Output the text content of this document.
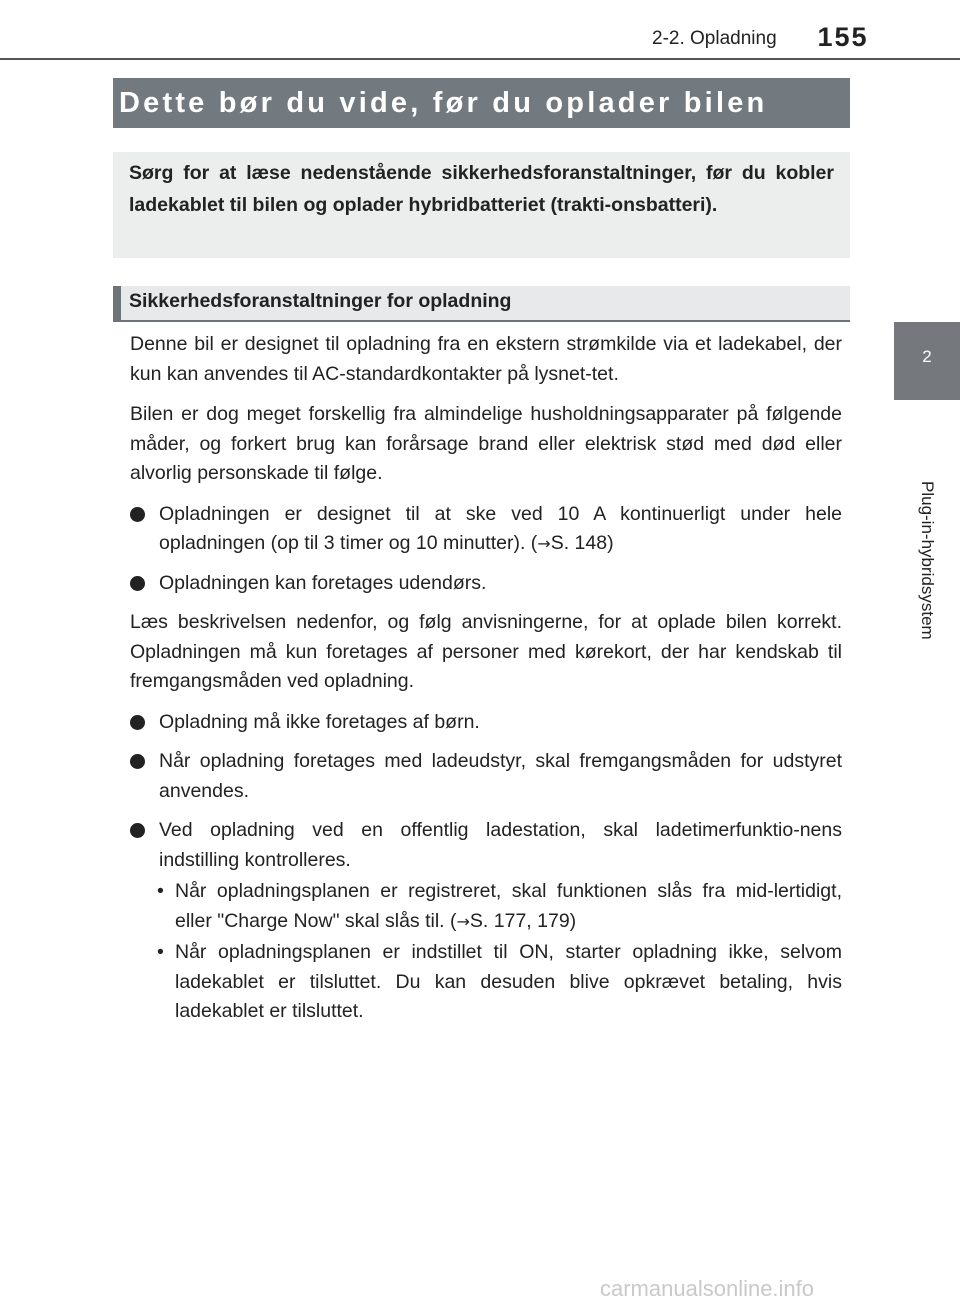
2-2. Opladning	155
2
Plug-in-hybridsystem
Dette bør du vide, før du oplader bilen
Sørg for at læse nedenstående sikkerhedsforanstaltninger, før du kobler ladekablet til bilen og oplader hybridbatteriet (trakti-onsbatteri).
Sikkerhedsforanstaltninger for opladning

Denne bil er designet til opladning fra en ekstern strømkilde via et ladekabel, der kun kan anvendes til AC-standardkontakter på lysnet-tet.

Bilen er dog meget forskellig fra almindelige husholdningsapparater på følgende måder, og forkert brug kan forårsage brand eller elektrisk stød med død eller alvorlig personskade til følge.

Opladningen er designet til at ske ved 10 A kontinuerligt under hele opladningen (op til 3 timer og 10 minutter). (→S. 148)
Opladningen kan foretages udendørs.

Læs beskrivelsen nedenfor, og følg anvisningerne, for at oplade bilen korrekt. Opladningen må kun foretages af personer med kørekort, der har kendskab til fremgangsmåden ved opladning.

Opladning må ikke foretages af børn.
Når opladning foretages med ladeudstyr, skal fremgangsmåden for udstyret anvendes.
Ved opladning ved en offentlig ladestation, skal ladetimerfunktio-nens indstilling kontrolleres.
• Når opladningsplanen er registreret, skal funktionen slås fra mid-lertidigt, eller "Charge Now" skal slås til. (→S. 177, 179)
• Når opladningsplanen er indstillet til ON, starter opladning ikke, selvom ladekablet er tilsluttet. Du kan desuden blive opkrævet betaling, hvis ladekablet er tilsluttet.
carmanualsonline.info
